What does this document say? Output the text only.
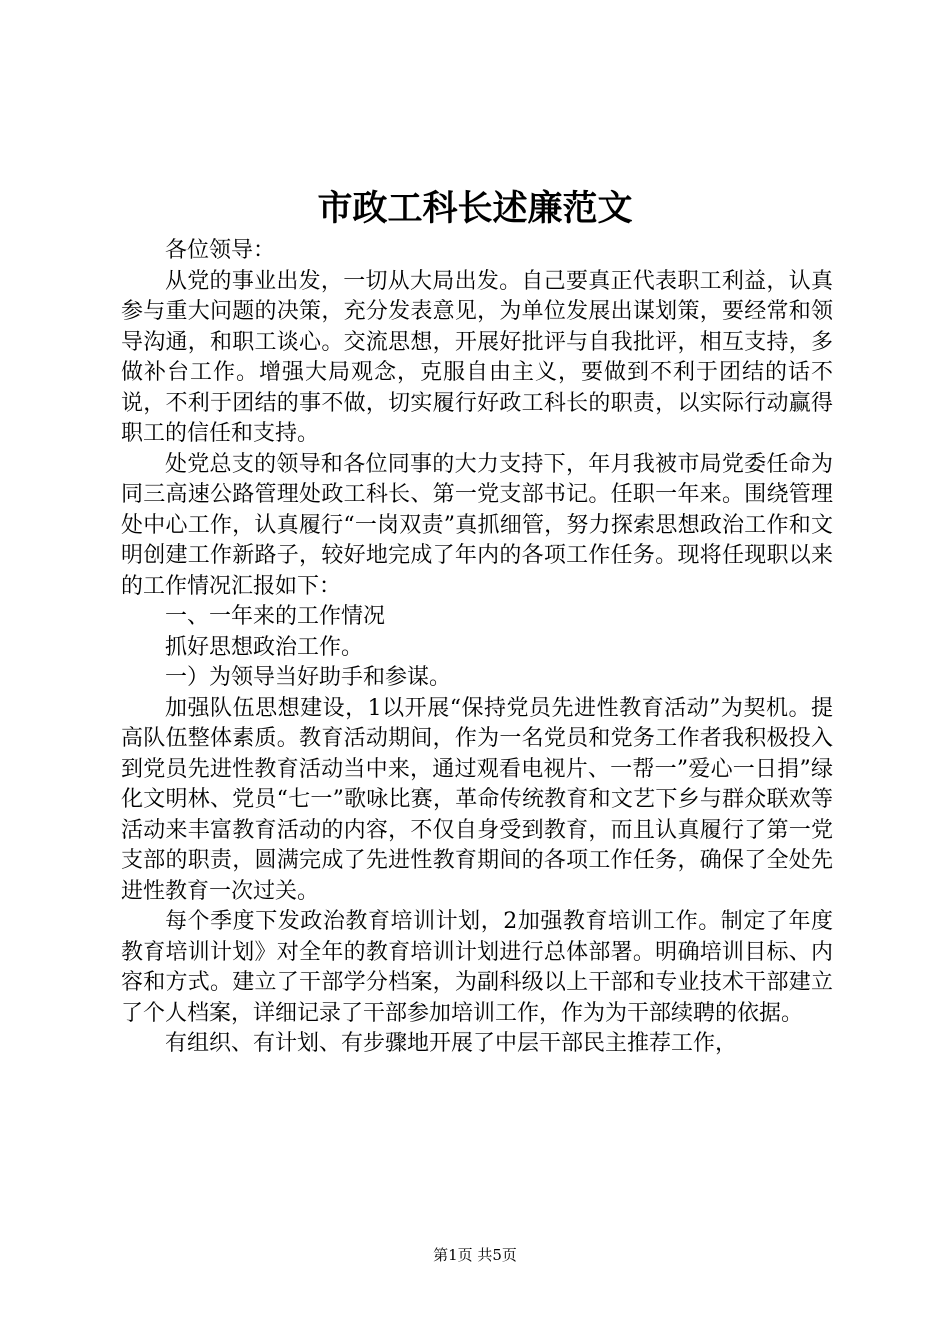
市政工科长述廉范文

各位领导：

从党的事业出发，一切从大局出发。自己要真正代表职工利益，认真参与重大问题的决策，充分发表意见，为单位发展出谋划策，要经常和领导沟通，和职工谈心。交流思想，开展好批评与自我批评，相互支持，多做补台工作。增强大局观念，克服自由主义，要做到不利于团结的话不说，不利于团结的事不做，切实履行好政工科长的职责，以实际行动赢得职工的信任和支持。

处党总支的领导和各位同事的大力支持下，年月我被市局党委任命为同三高速公路管理处政工科长、第一党支部书记。任职一年来。围绕管理处中心工作，认真履行“一岗双责”真抓细管，努力探索思想政治工作和文明创建工作新路子，较好地完成了年内的各项工作任务。现将任现职以来的工作情况汇报如下：

一、一年来的工作情况

抓好思想政治工作。

一）为领导当好助手和参谋。

加强队伍思想建设，1以开展“保持党员先进性教育活动”为契机。提高队伍整体素质。教育活动期间，作为一名党员和党务工作者我积极投入到党员先进性教育活动当中来，通过观看电视片、一帮一”爱心一日捐”绿化文明林、党员“七一”歌咏比赛，革命传统教育和文艺下乡与群众联欢等活动来丰富教育活动的内容，不仅自身受到教育，而且认真履行了第一党支部的职责，圆满完成了先进性教育期间的各项工作任务，确保了全处先进性教育一次过关。

每个季度下发政治教育培训计划，2加强教育培训工作。制定了年度教育培训计划》对全年的教育培训计划进行总体部署。明确培训目标、内容和方式。建立了干部学分档案，为副科级以上干部和专业技术干部建立了个人档案，详细记录了干部参加培训工作，作为为干部续聘的依据。

有组织、有计划、有步骤地开展了中层干部民主推荐工作，

第1页 共5页
